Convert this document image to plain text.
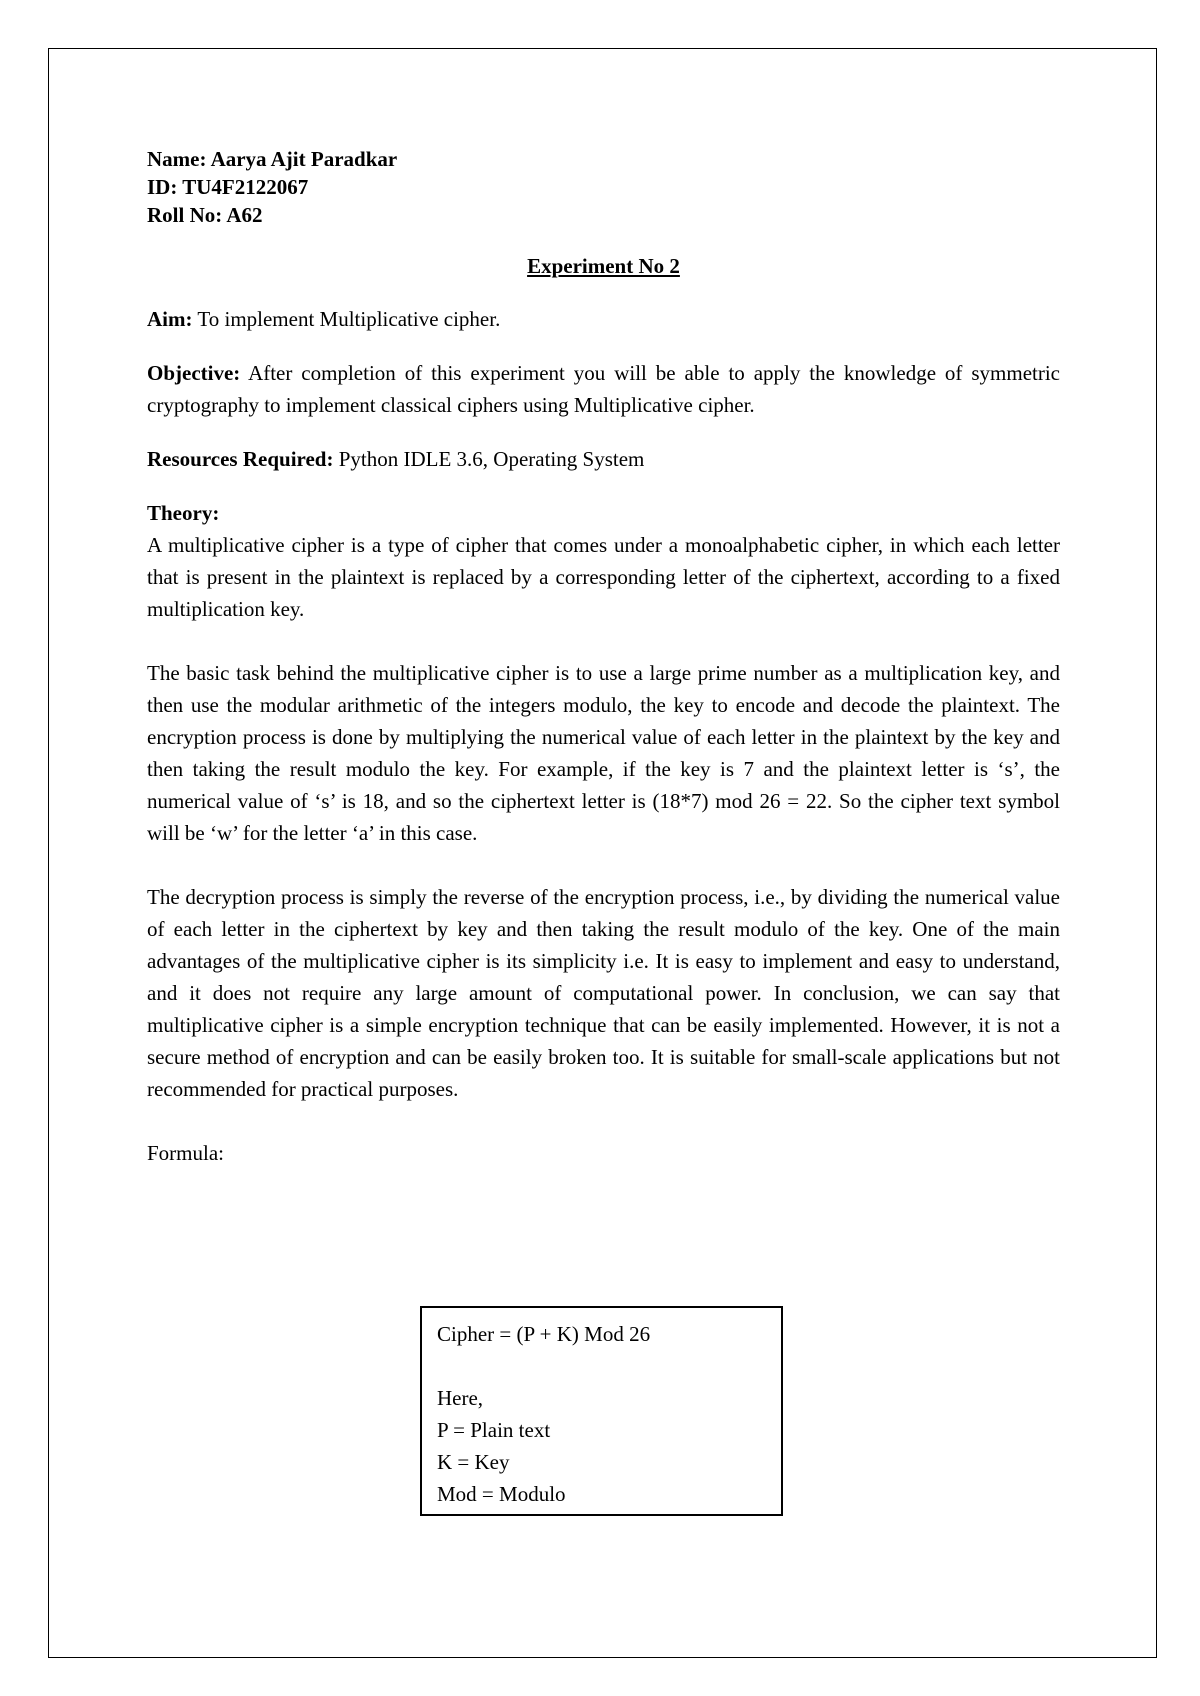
Name: Aarya Ajit Paradkar
ID: TU4F2122067
Roll No: A62
Experiment No 2
Aim: To implement Multiplicative cipher.
Objective: After completion of this experiment you will be able to apply the knowledge of symmetric cryptography to implement classical ciphers using Multiplicative cipher.
Resources Required: Python IDLE 3.6, Operating System
Theory:
A multiplicative cipher is a type of cipher that comes under a monoalphabetic cipher, in which each letter that is present in the plaintext is replaced by a corresponding letter of the ciphertext, according to a fixed multiplication key.
The basic task behind the multiplicative cipher is to use a large prime number as a multiplication key, and then use the modular arithmetic of the integers modulo, the key to encode and decode the plaintext. The encryption process is done by multiplying the numerical value of each letter in the plaintext by the key and then taking the result modulo the key. For example, if the key is 7 and the plaintext letter is ‘s’, the numerical value of ‘s’ is 18, and so the ciphertext letter is (18*7) mod 26 = 22. So the cipher text symbol will be ‘w’ for the letter ‘a’ in this case.
The decryption process is simply the reverse of the encryption process, i.e., by dividing the numerical value of each letter in the ciphertext by key and then taking the result modulo of the key. One of the main advantages of the multiplicative cipher is its simplicity i.e. It is easy to implement and easy to understand, and it does not require any large amount of computational power. In conclusion, we can say that multiplicative cipher is a simple encryption technique that can be easily implemented. However, it is not a secure method of encryption and can be easily broken too. It is suitable for small-scale applications but not recommended for practical purposes.
Formula:
Cipher = (P + K) Mod 26
Here,
P = Plain text
K = Key
Mod = Modulo
